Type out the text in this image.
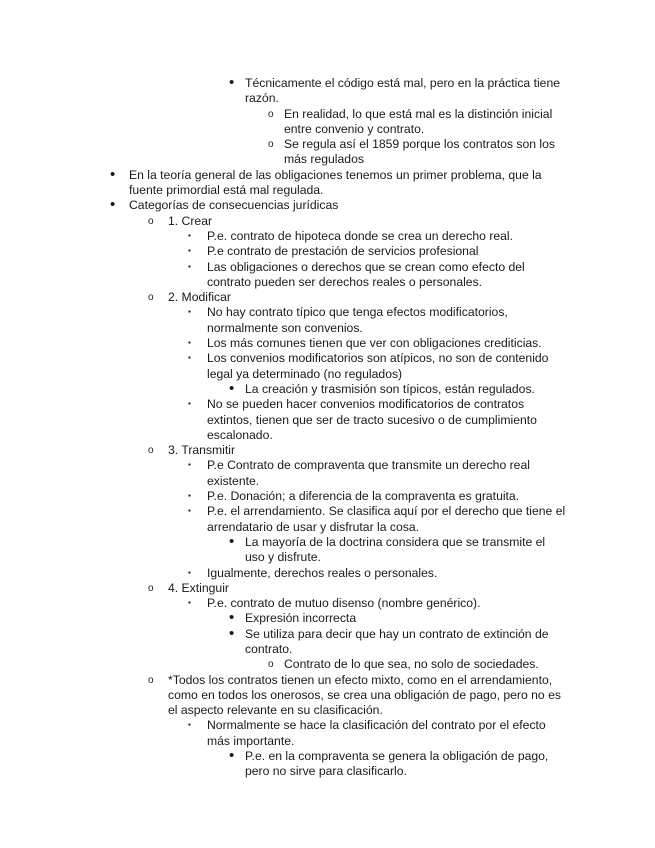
• Técnicamente el código está mal, pero en la práctica tiene razón.
o En realidad, lo que está mal es la distinción inicial entre convenio y contrato.
o Se regula así el 1859 porque los contratos son los más regulados
• En la teoría general de las obligaciones tenemos un primer problema, que la fuente primordial está mal regulada.
• Categorías de consecuencias jurídicas
o 1. Crear
▪ P.e. contrato de hipoteca donde se crea un derecho real.
▪ P.e contrato de prestación de servicios profesional
▪ Las obligaciones o derechos que se crean como efecto del contrato pueden ser derechos reales o personales.
o 2. Modificar
▪ No hay contrato típico que tenga efectos modificatorios, normalmente son convenios.
▪ Los más comunes tienen que ver con obligaciones crediticias.
▪ Los convenios modificatorios son atípicos, no son de contenido legal ya determinado (no regulados)
• La creación y trasmisión son típicos, están regulados.
▪ No se pueden hacer convenios modificatorios de contratos extintos, tienen que ser de tracto sucesivo o de cumplimiento escalonado.
o 3. Transmitir
▪ P.e Contrato de compraventa que transmite un derecho real existente.
▪ P.e. Donación; a diferencia de la compraventa es gratuita.
▪ P.e. el arrendamiento. Se clasifica aquí por el derecho que tiene el arrendatario de usar y disfrutar la cosa.
• La mayoría de la doctrina considera que se transmite el uso y disfrute.
▪ Igualmente, derechos reales o personales.
o 4. Extinguir
▪ P.e. contrato de mutuo disenso (nombre genérico).
• Expresión incorrecta
• Se utiliza para decir que hay un contrato de extinción de contrato.
o Contrato de lo que sea, no solo de sociedades.
o *Todos los contratos tienen un efecto mixto, como en el arrendamiento, como en todos los onerosos, se crea una obligación de pago, pero no es el aspecto relevante en su clasificación.
▪ Normalmente se hace la clasificación del contrato por el efecto más importante.
• P.e. en la compraventa se genera la obligación de pago, pero no sirve para clasificarlo.
